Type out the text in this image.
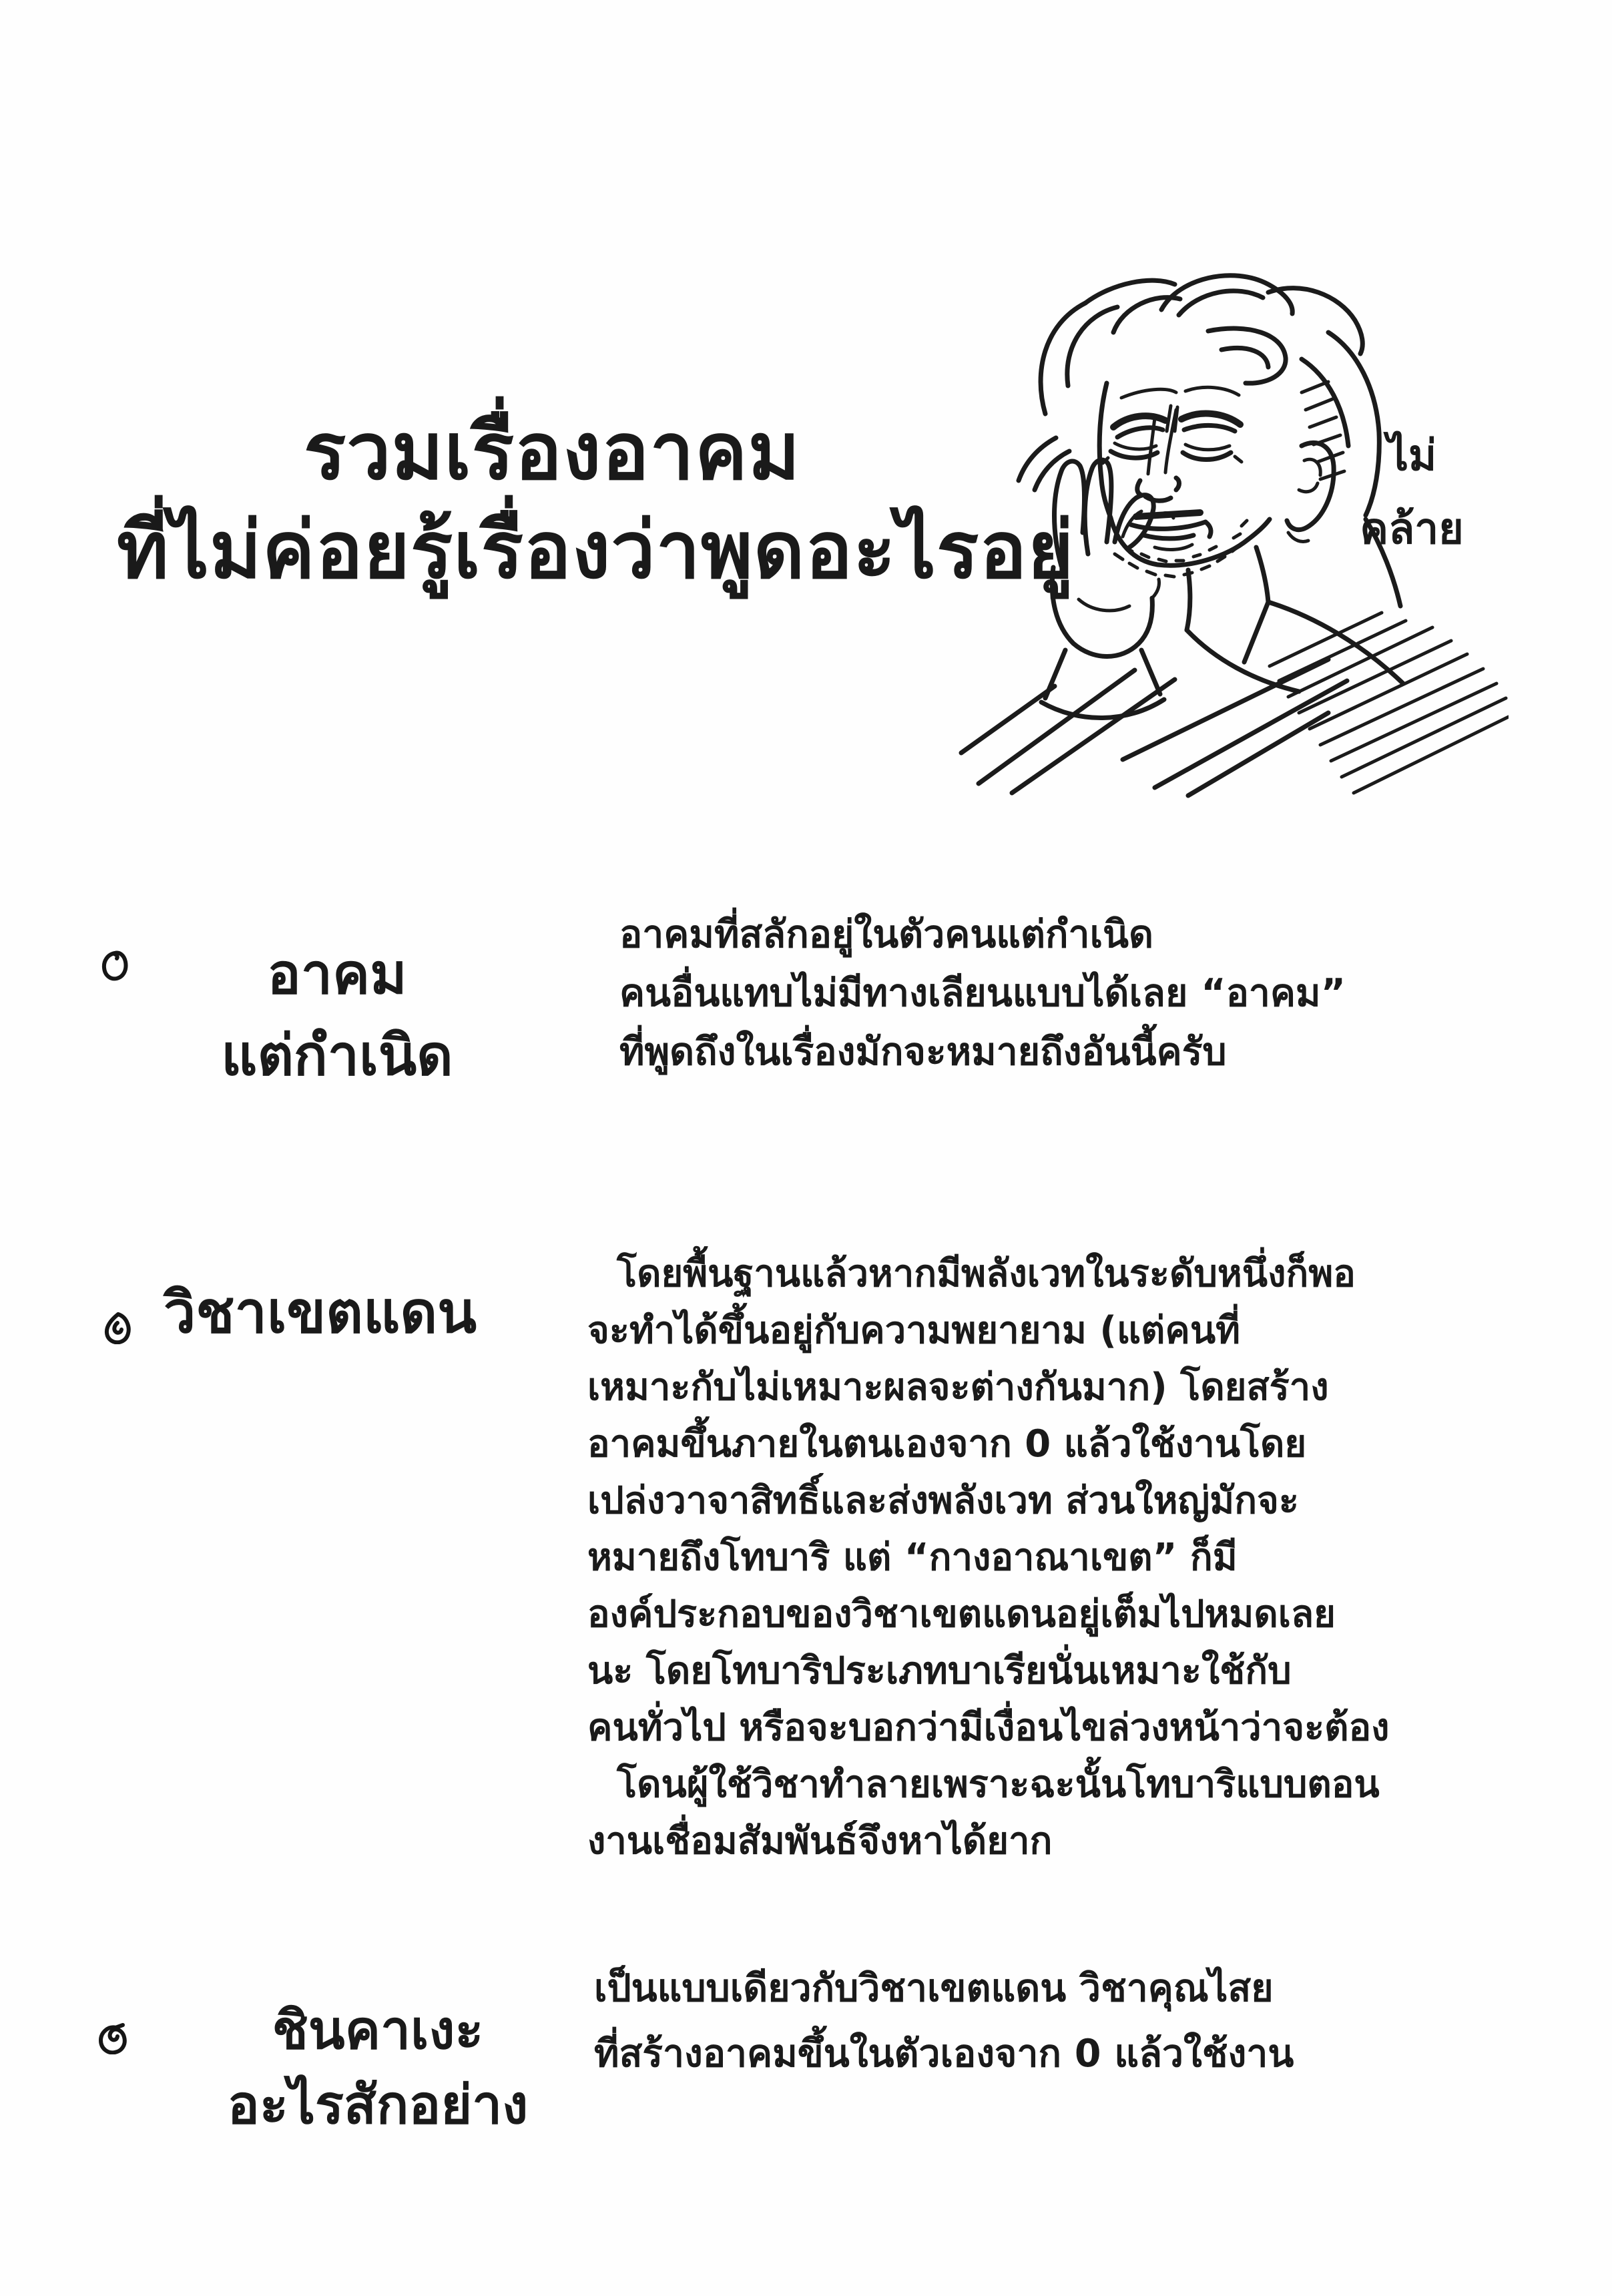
รวมเรื่องอาคม
ที่ไม่ค่อยรู้เรื่องว่าพูดอะไรอยู่
ไม่
คล้าย
อาคม
แต่กำเนิด
อาคมที่สลักอยู่ในตัวคนแต่กำเนิด
คนอื่นแทบไม่มีทางเลียนแบบได้เลย “อาคม”
ที่พูดถึงในเรื่องมักจะหมายถึงอันนี้ครับ
วิชาเขตแดน
โดยพื้นฐานแล้วหากมีพลังเวทในระดับหนึ่งก็พอ
จะทำได้ขึ้นอยู่กับความพยายาม (แต่คนที่
เหมาะกับไม่เหมาะผลจะต่างกันมาก) โดยสร้าง
อาคมขึ้นภายในตนเองจาก 0 แล้วใช้งานโดย
เปล่งวาจาสิทธิ์และส่งพลังเวท ส่วนใหญ่มักจะ
หมายถึงโทบาริ แต่ “กางอาณาเขต” ก็มี
องค์ประกอบของวิชาเขตแดนอยู่เต็มไปหมดเลย
นะ โดยโทบาริประเภทบาเรียนั่นเหมาะใช้กับ
คนทั่วไป หรือจะบอกว่ามีเงื่อนไขล่วงหน้าว่าจะต้อง
โดนผู้ใช้วิชาทำลายเพราะฉะนั้นโทบาริแบบตอน
งานเชื่อมสัมพันธ์จึงหาได้ยาก
ชินคาเงะ
อะไรสักอย่าง
เป็นแบบเดียวกับวิชาเขตแดน วิชาคุณไสย
ที่สร้างอาคมขึ้นในตัวเองจาก 0 แล้วใช้งาน
